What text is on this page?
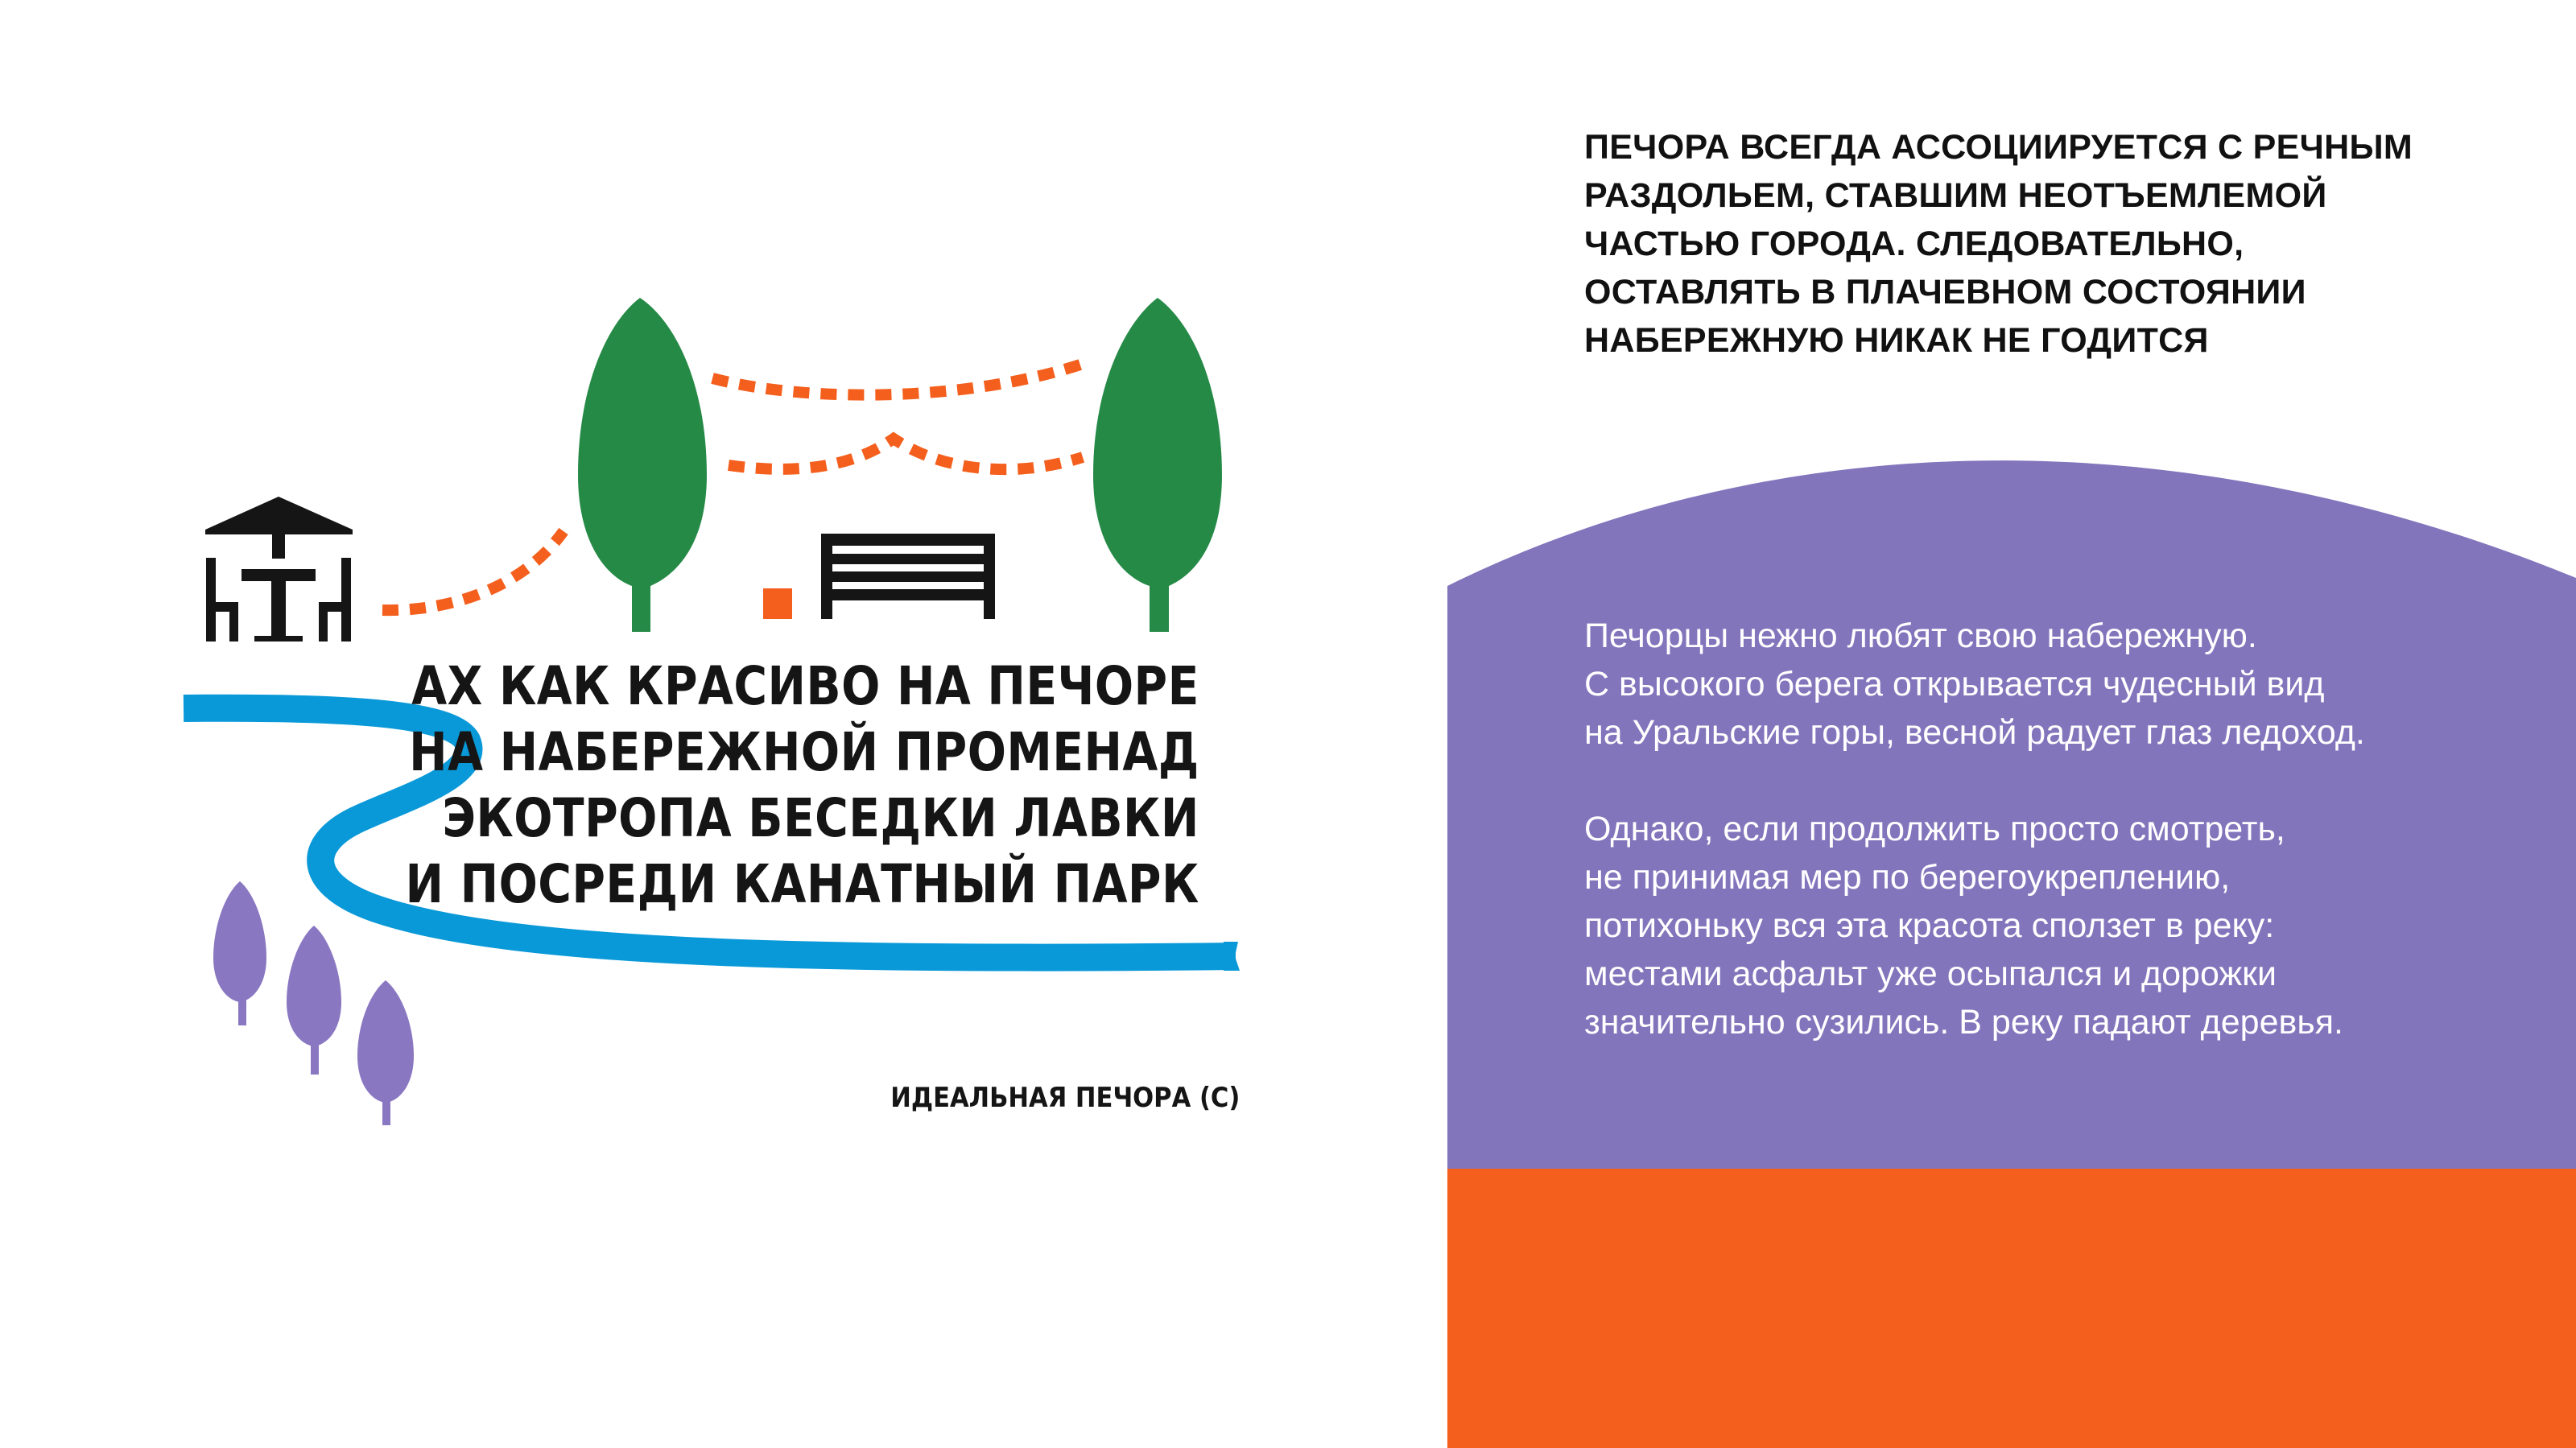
АХ КАК КРАСИВО НА ПЕЧОРЕ
НА НАБЕРЕЖНОЙ ПРОМЕНАД
ЭКОТРОПА БЕСЕДКИ ЛАВКИ
И ПОСРЕДИ КАНАТНЫЙ ПАРК
ИДЕАЛЬНАЯ ПЕЧОРА (С)
ПЕЧОРА ВСЕГДА АССОЦИИРУЕТСЯ С РЕЧНЫМ
РАЗДОЛЬЕМ, СТАВШИМ НЕОТЪЕМЛЕМОЙ
ЧАСТЬЮ ГОРОДА. СЛЕДОВАТЕЛЬНО,
ОСТАВЛЯТЬ В ПЛАЧЕВНОМ СОСТОЯНИИ
НАБЕРЕЖНУЮ НИКАК НЕ ГОДИТСЯ
Печорцы нежно любят свою набережную.
С высокого берега открывается чудесный вид
на Уральские горы, весной радует глаз ледоход.
Однако, если продолжить просто смотреть,
не принимая мер по берегоукреплению,
потихоньку вся эта красота сползет в реку:
местами асфальт уже осыпался и дорожки
значительно сузились. В реку падают деревья.
